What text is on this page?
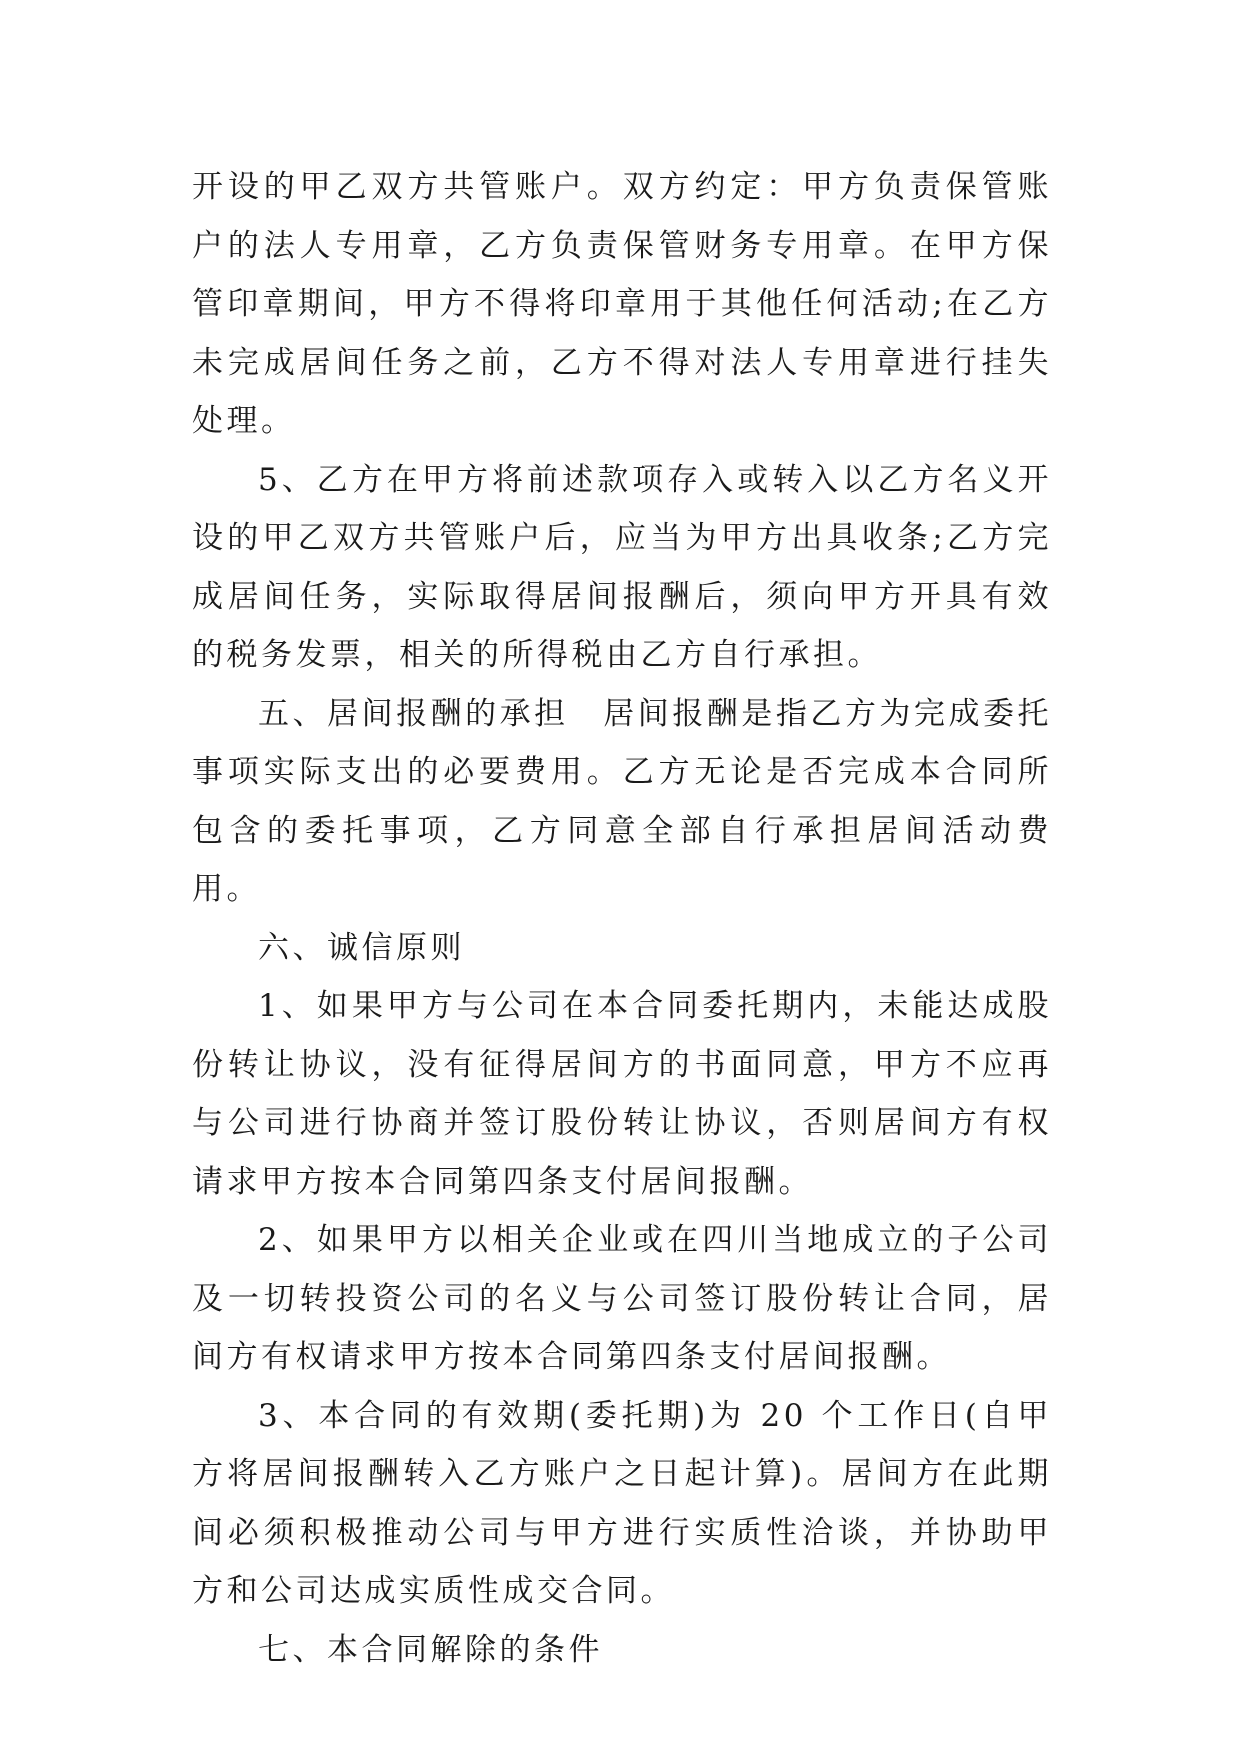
开设的甲乙双方共管账户。双方约定：甲方负责保管账户的法人专用章，乙方负责保管财务专用章。在甲方保管印章期间，甲方不得将印章用于其他任何活动;在乙方未完成居间任务之前，乙方不得对法人专用章进行挂失处理。

5、乙方在甲方将前述款项存入或转入以乙方名义开设的甲乙双方共管账户后，应当为甲方出具收条;乙方完成居间任务，实际取得居间报酬后，须向甲方开具有效的税务发票，相关的所得税由乙方自行承担。

五、居间报酬的承担　居间报酬是指乙方为完成委托事项实际支出的必要费用。乙方无论是否完成本合同所包含的委托事项，乙方同意全部自行承担居间活动费用。

六、诚信原则

1、如果甲方与公司在本合同委托期内，未能达成股份转让协议，没有征得居间方的书面同意，甲方不应再与公司进行协商并签订股份转让协议，否则居间方有权请求甲方按本合同第四条支付居间报酬。

2、如果甲方以相关企业或在四川当地成立的子公司及一切转投资公司的名义与公司签订股份转让合同，居间方有权请求甲方按本合同第四条支付居间报酬。

3、本合同的有效期(委托期)为 20 个工作日(自甲方将居间报酬转入乙方账户之日起计算)。居间方在此期间必须积极推动公司与甲方进行实质性洽谈，并协助甲方和公司达成实质性成交合同。

七、本合同解除的条件
